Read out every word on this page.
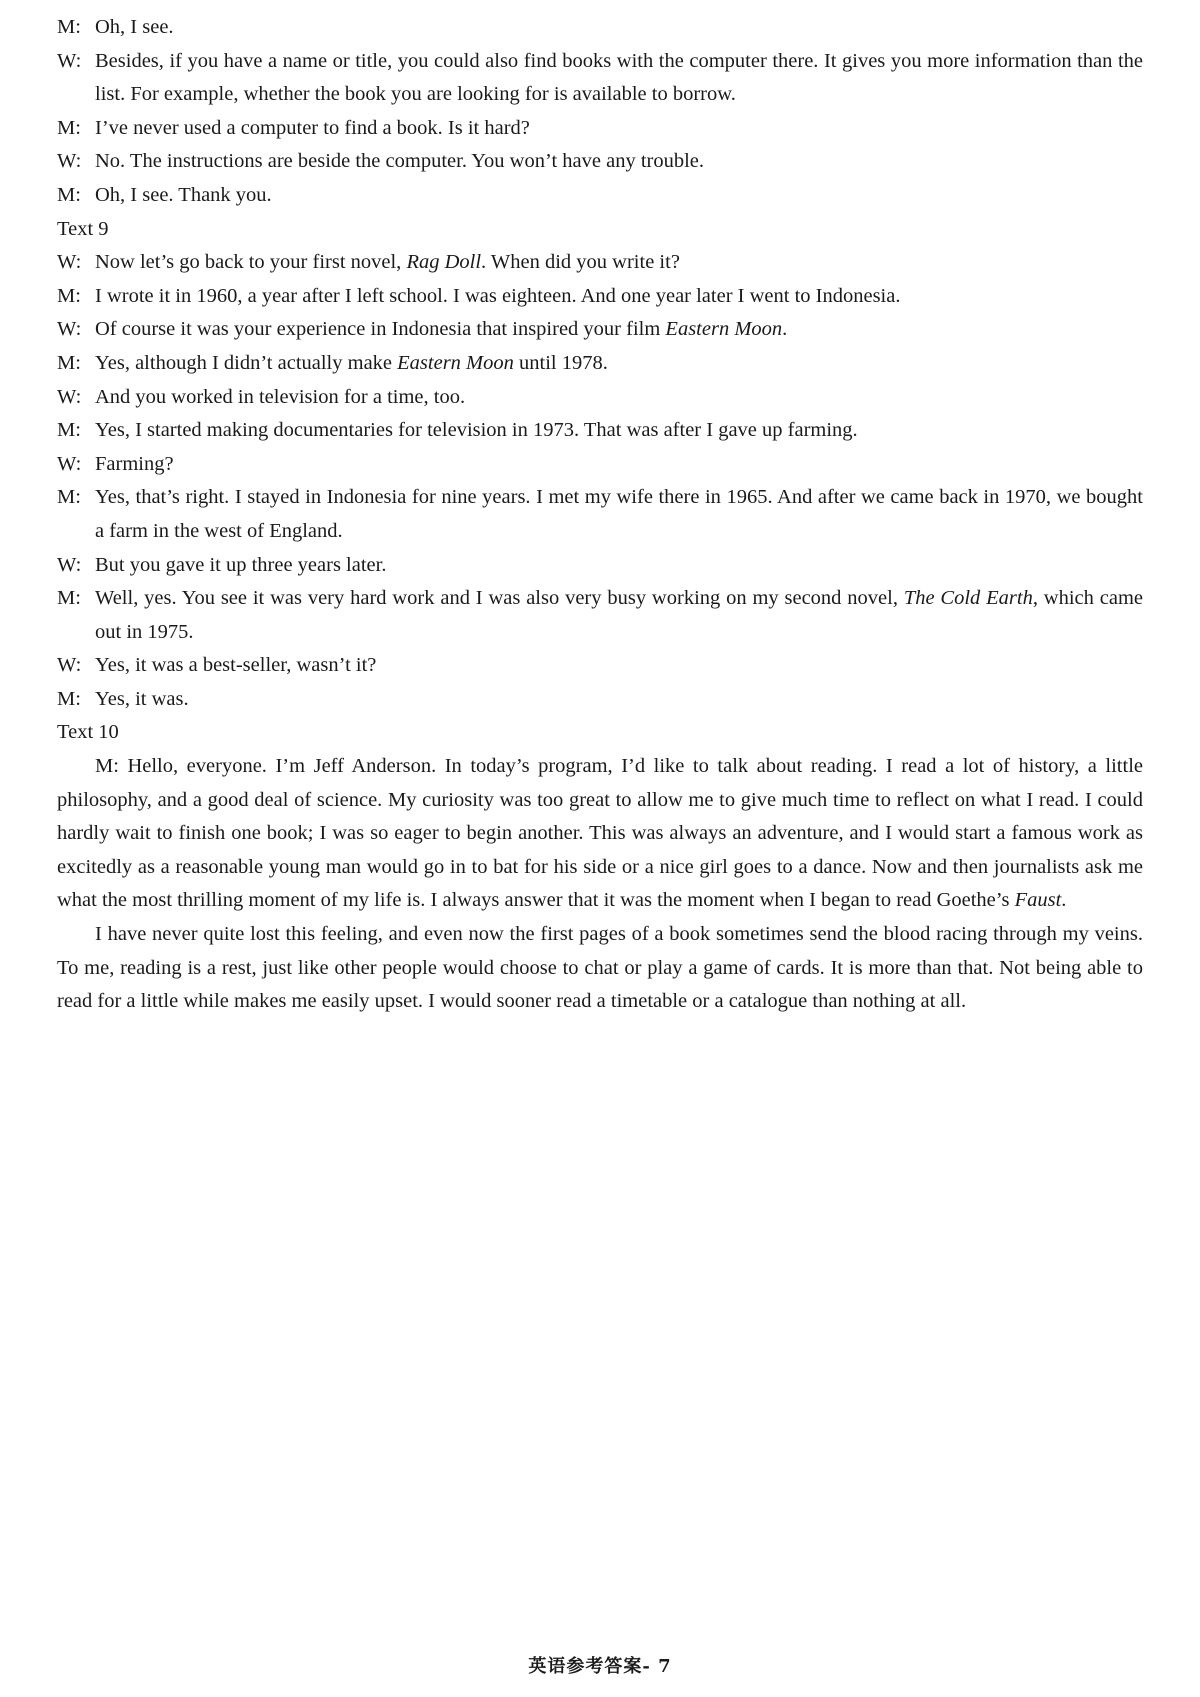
M: Oh, I see.
W: Besides, if you have a name or title, you could also find books with the computer there. It gives you more information than the list. For example, whether the book you are looking for is available to borrow.
M: I’ve never used a computer to find a book. Is it hard?
W: No. The instructions are beside the computer. You won’t have any trouble.
M: Oh, I see. Thank you.
Text 9
W: Now let’s go back to your first novel, Rag Doll. When did you write it?
M: I wrote it in 1960, a year after I left school. I was eighteen. And one year later I went to Indonesia.
W: Of course it was your experience in Indonesia that inspired your film Eastern Moon.
M: Yes, although I didn’t actually make Eastern Moon until 1978.
W: And you worked in television for a time, too.
M: Yes, I started making documentaries for television in 1973. That was after I gave up farming.
W: Farming?
M: Yes, that’s right. I stayed in Indonesia for nine years. I met my wife there in 1965. And after we came back in 1970, we bought a farm in the west of England.
W: But you gave it up three years later.
M: Well, yes. You see it was very hard work and I was also very busy working on my second novel, The Cold Earth, which came out in 1975.
W: Yes, it was a best-seller, wasn’t it?
M: Yes, it was.
Text 10
M: Hello, everyone. I’m Jeff Anderson. In today’s program, I’d like to talk about reading. I read a lot of history, a little philosophy, and a good deal of science. My curiosity was too great to allow me to give much time to reflect on what I read. I could hardly wait to finish one book; I was so eager to begin another. This was always an adventure, and I would start a famous work as excitedly as a reasonable young man would go in to bat for his side or a nice girl goes to a dance. Now and then journalists ask me what the most thrilling moment of my life is. I always answer that it was the moment when I began to read Goethe’s Faust.
I have never quite lost this feeling, and even now the first pages of a book sometimes send the blood racing through my veins. To me, reading is a rest, just like other people would choose to chat or play a game of cards. It is more than that. Not being able to read for a little while makes me easily upset. I would sooner read a timetable or a catalogue than nothing at all.
英语参考答案- 7
